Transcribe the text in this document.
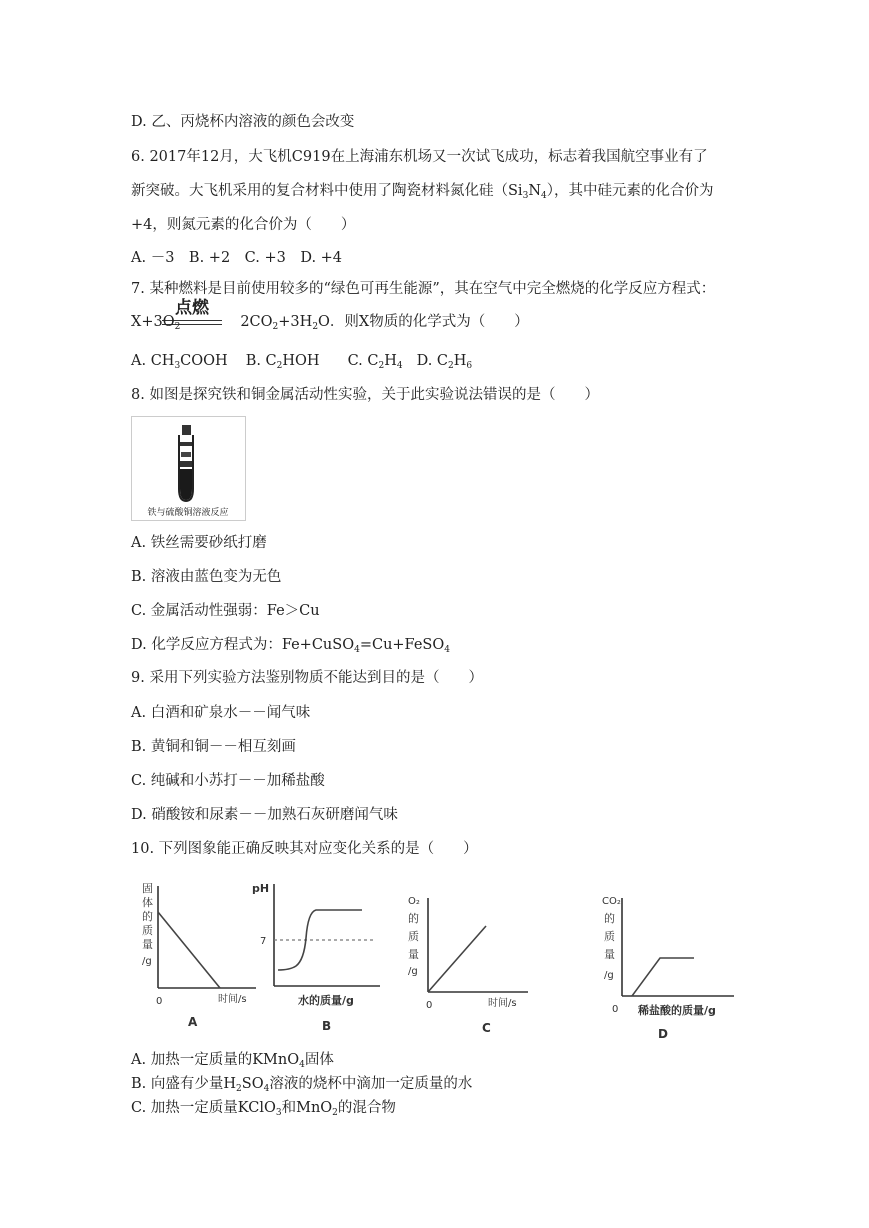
D. 乙、丙烧杯内溶液的颜色会改变
6. 2017年12月，大飞机C919在上海浦东机场又一次试飞成功，标志着我国航空事业有了
新突破。大飞机采用的复合材料中使用了陶瓷材料氮化硅$(Si_3N_4)$，其中硅元素的化合价为
+4，则氮元素的化合价为（　　）
A. －3　B. +2　C. +3　D. +4
7. 某种燃料是目前使用较多的“绿色可再生能源”，其在空气中完全燃烧的化学反应方程式：
点燃
$X+3O_2$	$2CO_2+3H_2O$．则X物质的化学式为（　　）
A. $CH_3COOH$ B. $C_2HOH$ C. $C_2H_4$ D. $C_2H_6$
8. 如图是探究铁和铜金属活动性实验，关于此实验说法错误的是（　　）
铁与硫酸铜溶液反应
A. 铁丝需要砂纸打磨
B. 溶液由蓝色变为无色
C. 金属活动性强弱：Fe＞Cu
D. 化学反应方程式为：Fe+CuSO$_4$=Cu+FeSO$_4$
9. 采用下列实验方法鉴别物质不能达到目的是（　　）
A. 白酒和矿泉水－－闻气味
B. 黄铜和铜－－相互刻画
C. 纯碱和小苏打－－加稀盐酸
D. 硝酸铵和尿素－－加熟石灰研磨闻气味
10. 下列图象能正确反映其对应变化关系的是（　　）
固
体
的
质
量
/g
0	时间/s
A
pH
7
水的质量/g
B
O₂
的
质
量
/g
0	时间/s
C
CO₂
的
质
量
/g
0 稀盐酸的质量/g
D
A. 加热一定质量的KMnO$_4$固体
B. 向盛有少量$H_2SO_4$溶液的烧杯中滴加一定质量的水
C. 加热一定质量KClO$_3$和MnO$_2$的混合物
